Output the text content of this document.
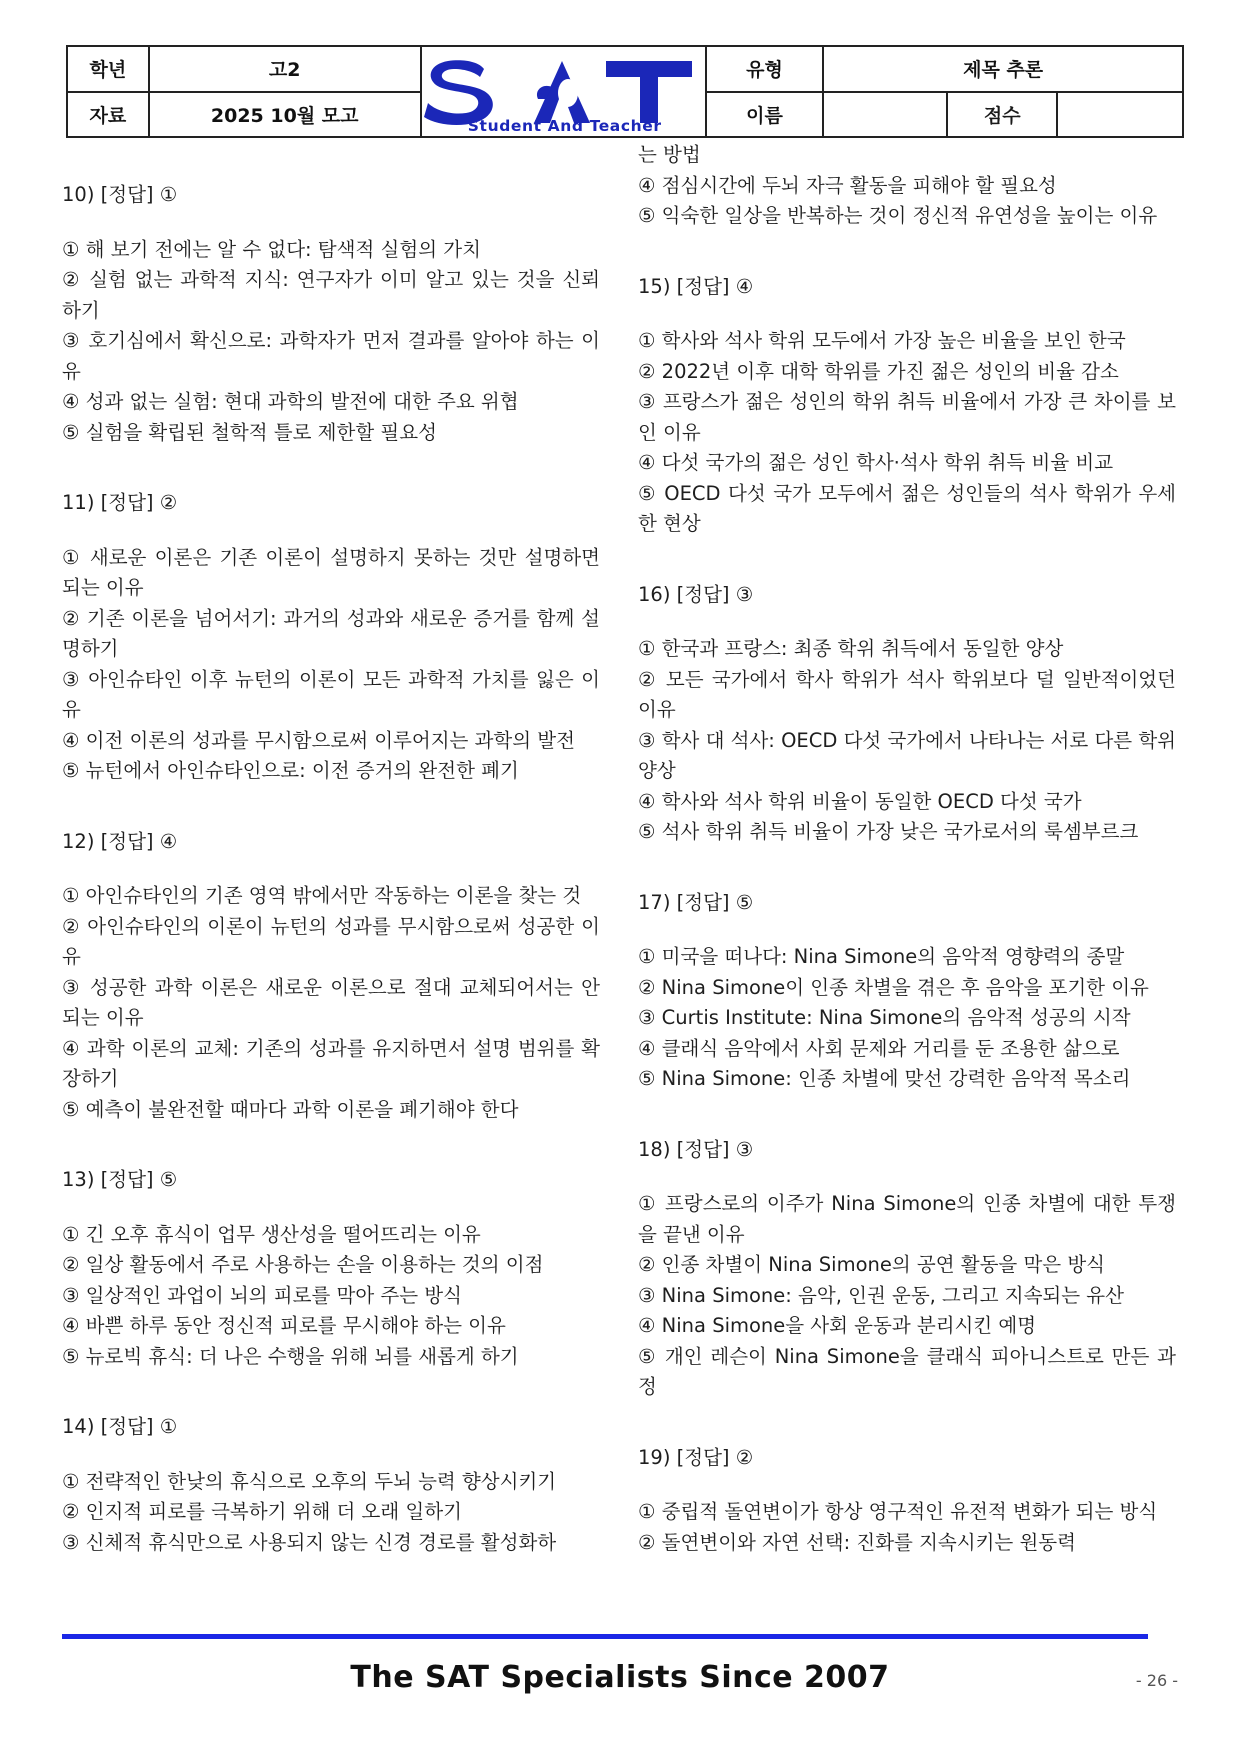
학년
자료
고2
2025 10월 모고	Student And Teacher
유형
이름
제목 추론
점수

10) [정답] ①

① 해 보기 전에는 알 수 없다: 탐색적 실험의 가치

② 실험 없는 과학적 지식: 연구자가 이미 알고 있는 것을 신뢰하기

③ 호기심에서 확신으로: 과학자가 먼저 결과를 알아야 하는 이유

④ 성과 없는 실험: 현대 과학의 발전에 대한 주요 위협

⑤ 실험을 확립된 철학적 틀로 제한할 필요성

11) [정답] ②

① 새로운 이론은 기존 이론이 설명하지 못하는 것만 설명하면 되는 이유

② 기존 이론을 넘어서기: 과거의 성과와 새로운 증거를 함께 설명하기

③ 아인슈타인 이후 뉴턴의 이론이 모든 과학적 가치를 잃은 이유

④ 이전 이론의 성과를 무시함으로써 이루어지는 과학의 발전

⑤ 뉴턴에서 아인슈타인으로: 이전 증거의 완전한 폐기

12) [정답] ④

① 아인슈타인의 기존 영역 밖에서만 작동하는 이론을 찾는 것

② 아인슈타인의 이론이 뉴턴의 성과를 무시함으로써 성공한 이유

③ 성공한 과학 이론은 새로운 이론으로 절대 교체되어서는 안 되는 이유

④ 과학 이론의 교체: 기존의 성과를 유지하면서 설명 범위를 확장하기

⑤ 예측이 불완전할 때마다 과학 이론을 폐기해야 한다

13) [정답] ⑤

① 긴 오후 휴식이 업무 생산성을 떨어뜨리는 이유

② 일상 활동에서 주로 사용하는 손을 이용하는 것의 이점

③ 일상적인 과업이 뇌의 피로를 막아 주는 방식

④ 바쁜 하루 동안 정신적 피로를 무시해야 하는 이유

⑤ 뉴로빅 휴식: 더 나은 수행을 위해 뇌를 새롭게 하기

14) [정답] ①

① 전략적인 한낮의 휴식으로 오후의 두뇌 능력 향상시키기

② 인지적 피로를 극복하기 위해 더 오래 일하기

③ 신체적 휴식만으로 사용되지 않는 신경 경로를 활성화하

는 방법

④ 점심시간에 두뇌 자극 활동을 피해야 할 필요성

⑤ 익숙한 일상을 반복하는 것이 정신적 유연성을 높이는 이유

15) [정답] ④

① 학사와 석사 학위 모두에서 가장 높은 비율을 보인 한국

② 2022년 이후 대학 학위를 가진 젊은 성인의 비율 감소

③ 프랑스가 젊은 성인의 학위 취득 비율에서 가장 큰 차이를 보인 이유

④ 다섯 국가의 젊은 성인 학사·석사 학위 취득 비율 비교

⑤ OECD 다섯 국가 모두에서 젊은 성인들의 석사 학위가 우세한 현상

16) [정답] ③

① 한국과 프랑스: 최종 학위 취득에서 동일한 양상

② 모든 국가에서 학사 학위가 석사 학위보다 덜 일반적이었던 이유

③ 학사 대 석사: OECD 다섯 국가에서 나타나는 서로 다른 학위 양상

④ 학사와 석사 학위 비율이 동일한 OECD 다섯 국가

⑤ 석사 학위 취득 비율이 가장 낮은 국가로서의 룩셈부르크

17) [정답] ⑤

① 미국을 떠나다: Nina Simone의 음악적 영향력의 종말

② Nina Simone이 인종 차별을 겪은 후 음악을 포기한 이유

③ Curtis Institute: Nina Simone의 음악적 성공의 시작

④ 클래식 음악에서 사회 문제와 거리를 둔 조용한 삶으로

⑤ Nina Simone: 인종 차별에 맞선 강력한 음악적 목소리

18) [정답] ③

① 프랑스로의 이주가 Nina Simone의 인종 차별에 대한 투쟁을 끝낸 이유

② 인종 차별이 Nina Simone의 공연 활동을 막은 방식

③ Nina Simone: 음악, 인권 운동, 그리고 지속되는 유산

④ Nina Simone을 사회 운동과 분리시킨 예명

⑤ 개인 레슨이 Nina Simone을 클래식 피아니스트로 만든 과정

19) [정답] ②

① 중립적 돌연변이가 항상 영구적인 유전적 변화가 되는 방식

② 돌연변이와 자연 선택: 진화를 지속시키는 원동력

The SAT Specialists Since 2007	- 26 -
